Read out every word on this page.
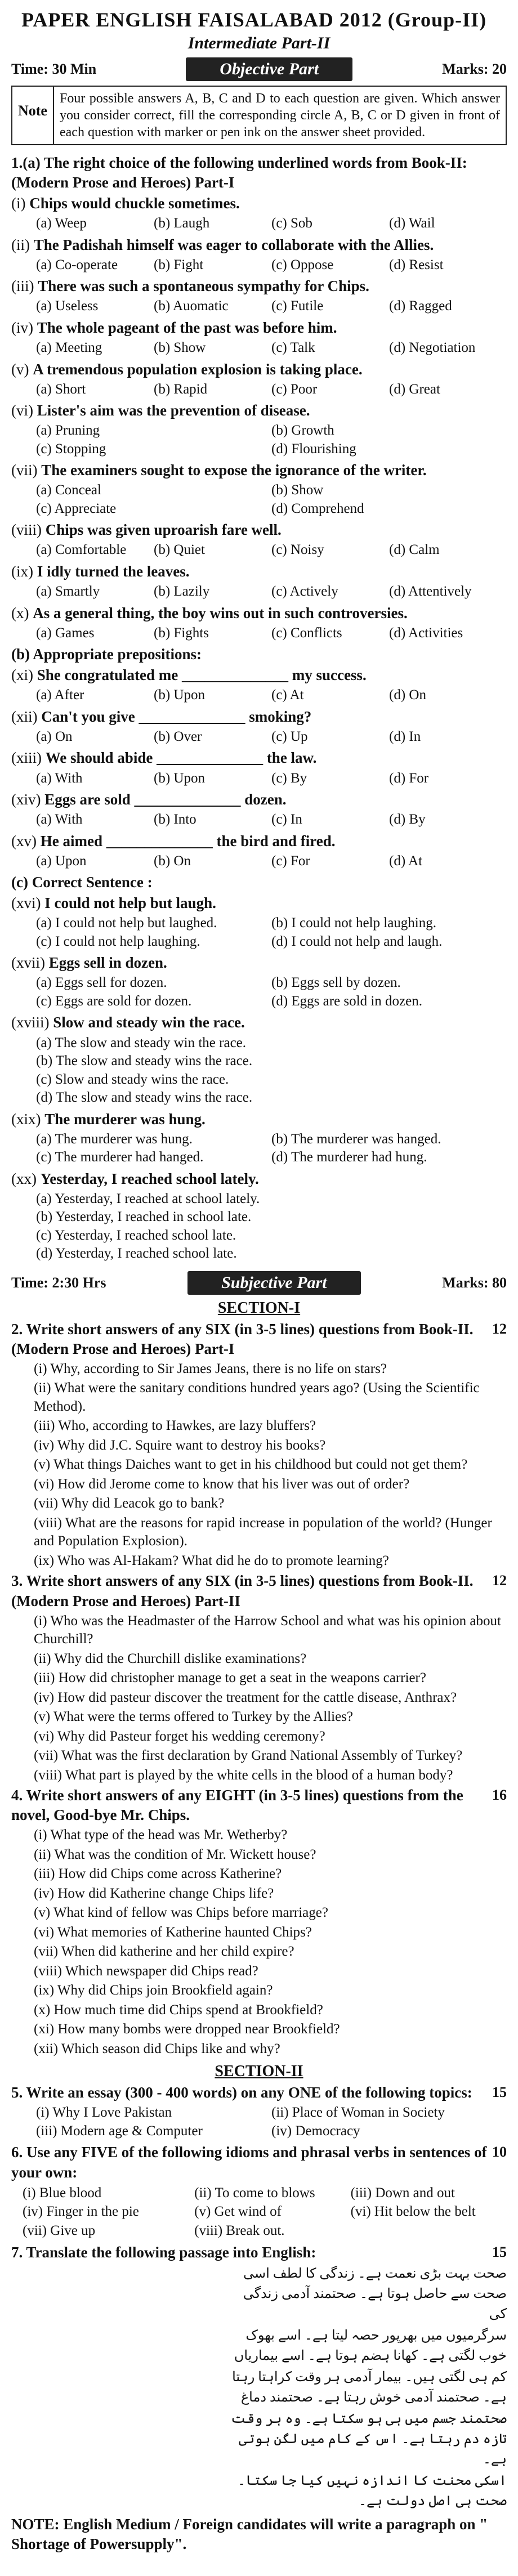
PAPER ENGLISH FAISALABAD 2012 (Group-II)
Intermediate Part-II
Time: 30 Min	Objective Part	Marks: 20
Note
Four possible answers A, B, C and D to each question are given. Which answer you consider correct, fill the corresponding circle A, B, C or D given in front of each question with marker or pen ink on the answer sheet provided.
1.(a) The right choice of the following underlined words from Book-II: (Modern Prose and Heroes) Part-I
(i) Chips would chuckle sometimes.
(a) Weep	(b) Laugh	(c) Sob	(d) Wail
(ii) The Padishah himself was eager to collaborate with the Allies.
(a) Co-operate	(b) Fight	(c) Oppose	(d) Resist
(iii) There was such a spontaneous sympathy for Chips.
(a) Useless	(b) Auomatic	(c) Futile	(d) Ragged
(iv) The whole pageant of the past was before him.
(a) Meeting	(b) Show	(c) Talk	(d) Negotiation
(v) A tremendous population explosion is taking place.
(a) Short	(b) Rapid	(c) Poor	(d) Great
(vi) Lister's aim was the prevention of disease.
(a) Pruning	(b) Growth
(c) Stopping	(d) Flourishing
(vii) The examiners sought to expose the ignorance of the writer.
(a) Conceal	(b) Show
(c) Appreciate	(d) Comprehend
(viii) Chips was given uproarish fare well.
(a) Comfortable	(b) Quiet	(c) Noisy	(d) Calm
(ix) I idly turned the leaves.
(a) Smartly	(b) Lazily	(c) Actively	(d) Attentively
(x) As a general thing, the boy wins out in such controversies.
(a) Games	(b) Fights	(c) Conflicts	(d) Activities
(b) Appropriate prepositions:
(xi) She congratulated me ______________ my success.
(a) After	(b) Upon	(c) At	(d) On
(xii) Can't you give ______________ smoking?
(a) On	(b) Over	(c) Up	(d) In
(xiii) We should abide ______________ the law.
(a) With	(b) Upon	(c) By	(d) For
(xiv) Eggs are sold ______________ dozen.
(a) With	(b) Into	(c) In	(d) By
(xv) He aimed ______________ the bird and fired.
(a) Upon	(b) On	(c) For	(d) At
(c) Correct Sentence :
(xvi) I could not help but laugh.
(a) I could not help but laughed.	(b) I could not help laughing.
(c) I could not help laughing.	(d) I could not help and laugh.
(xvii) Eggs sell in dozen.
(a) Eggs sell for dozen.	(b) Eggs sell by dozen.
(c) Eggs are sold for dozen.	(d) Eggs are sold in dozen.
(xviii) Slow and steady win the race.
(a) The slow and steady win the race.
(b) The slow and steady wins the race.
(c) Slow and steady wins the race.
(d) The slow and steady wins the race.
(xix) The murderer was hung.
(a) The murderer was hung.	(b) The murderer was hanged.
(c) The murderer had hanged.	(d) The murderer had hung.
(xx) Yesterday, I reached school lately.
(a) Yesterday, I reached at school lately.
(b) Yesterday, I reached in school late.
(c) Yesterday, I reached school late.
(d) Yesterday, I reached school late.
Time: 2:30 Hrs	Subjective Part	Marks: 80
SECTION-I
12
2. Write short answers of any SIX (in 3-5 lines) questions from Book-II. (Modern Prose and Heroes) Part-I
(i) Why, according to Sir James Jeans, there is no life on stars?
(ii) What were the sanitary conditions hundred years ago? (Using the Scientific Method).
(iii) Who, according to Hawkes, are lazy bluffers?
(iv) Why did J.C. Squire want to destroy his books?
(v) What things Daiches want to get in his childhood but could not get them?
(vi) How did Jerome come to know that his liver was out of order?
(vii) Why did Leacok go to bank?
(viii) What are the reasons for rapid increase in population of the world? (Hunger and Population Explosion).
(ix) Who was Al-Hakam? What did he do to promote learning?
12
3. Write short answers of any SIX (in 3-5 lines) questions from Book-II. (Modern Prose and Heroes) Part-II
(i) Who was the Headmaster of the Harrow School and what was his opinion about Churchill?
(ii) Why did the Churchill dislike examinations?
(iii) How did christopher manage to get a seat in the weapons carrier?
(iv) How did pasteur discover the treatment for the cattle disease, Anthrax?
(v) What were the terms offered to Turkey by the Allies?
(vi) Why did Pasteur forget his wedding ceremony?
(vii) What was the first declaration by Grand National Assembly of Turkey?
(viii) What part is played by the white cells in the blood of a human body?
16
4. Write short answers of any EIGHT (in 3-5 lines) questions from the novel, Good-bye Mr. Chips.
(i) What type of the head was Mr. Wetherby?
(ii) What was the condition of Mr. Wickett house?
(iii) How did Chips come across Katherine?
(iv) How did Katherine change Chips life?
(v) What kind of fellow was Chips before marriage?
(vi) What memories of Katherine haunted Chips?
(vii) When did katherine and her child expire?
(viii) Which newspaper did Chips read?
(ix) Why did Chips join Brookfield again?
(x) How much time did Chips spend at Brookfield?
(xi) How many bombs were dropped near Brookfield?
(xii) Which season did Chips like and why?
SECTION-II
15
5. Write an essay (300 - 400 words) on any ONE of the following topics:
(i) Why I Love Pakistan	(ii) Place of Woman in Society
(iii) Modern age & Computer	(iv) Democracy
10
6. Use any FIVE of the following idioms and phrasal verbs in sentences of your own:
(i) Blue blood	(ii) To come to blows	(iii) Down and out
(iv) Finger in the pie	(v) Get wind of	(vi) Hit below the belt
(vii) Give up	(viii) Break out.
15
7. Translate the following passage into English:
صحت بہت بڑی نعمت ہے۔ زندگی کا لطف اسی صحت سے حاصل ہوتا ہے۔ صحتمند آدمی زندگی کی
سرگرمیوں میں بھرپور حصہ لیتا ہے۔ اسے بھوک خوب لگتی ہے۔ کھانا ہضم ہوتا ہے۔ اسے بیماریاں
کم ہی لگتی ہیں۔ بیمار آدمی ہر وقت کراہتا رہتا ہے۔ صحتمند آدمی خوش رہتا ہے۔ صحتمند دماغ
صحتمند جسم میں ہی ہو سکتا ہے۔ وہ ہر وقت تازہ دم رہتا ہے۔ اس کے کام میں لگن ہوتی ہے۔
اسکی محنت کا اندازہ نہیں کیا جا سکتا۔ صحت ہی اصل دولت ہے۔
NOTE: English Medium / Foreign candidates will write a paragraph on " Shortage of Powersupply".
